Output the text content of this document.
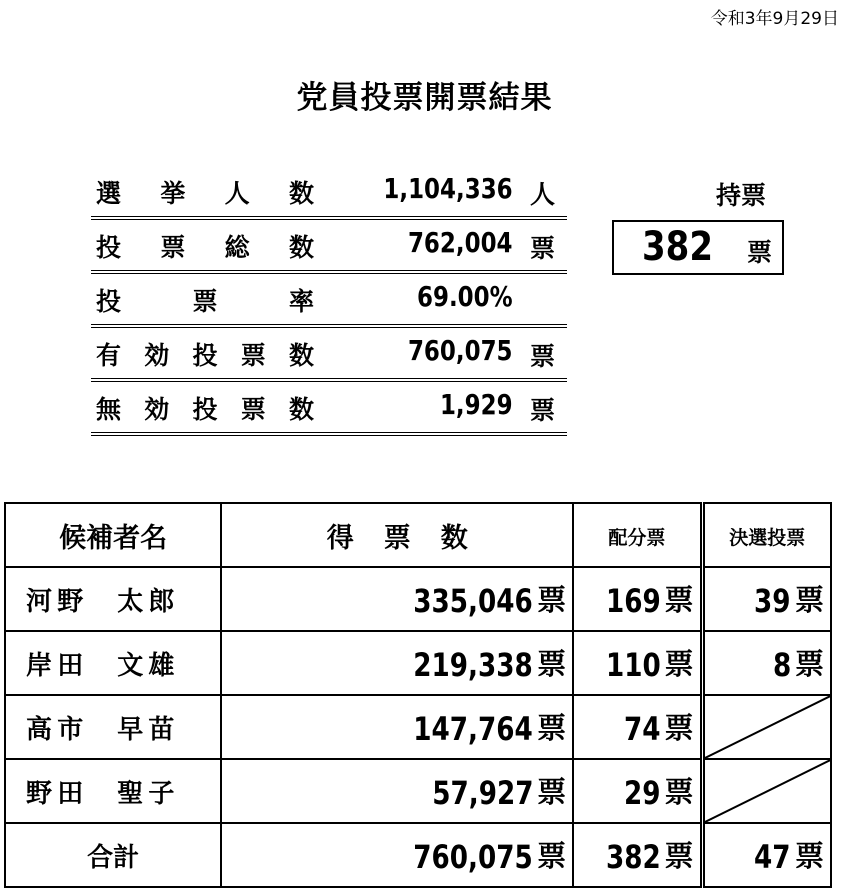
令和3年9月29日
党員投票開票結果
選 挙 人 数 1,104,336 人
投 票 総 数	762,004 票
投	票	率	69.00%
有 効 投 票 数	760,075 票
無 効 投 票 数	1,929 票
持票
382 票
候補者名	得票数	配分票	決選投票
河 野 太 郎	335,046 票	169 票	39 票
岸 田 文 雄	219,338 票	110 票	8 票
高 市 早 苗	147,764 票	74 票	

野 田 聖 子	57,927 票	29 票	

合計	760,075 票	382 票	47 票
